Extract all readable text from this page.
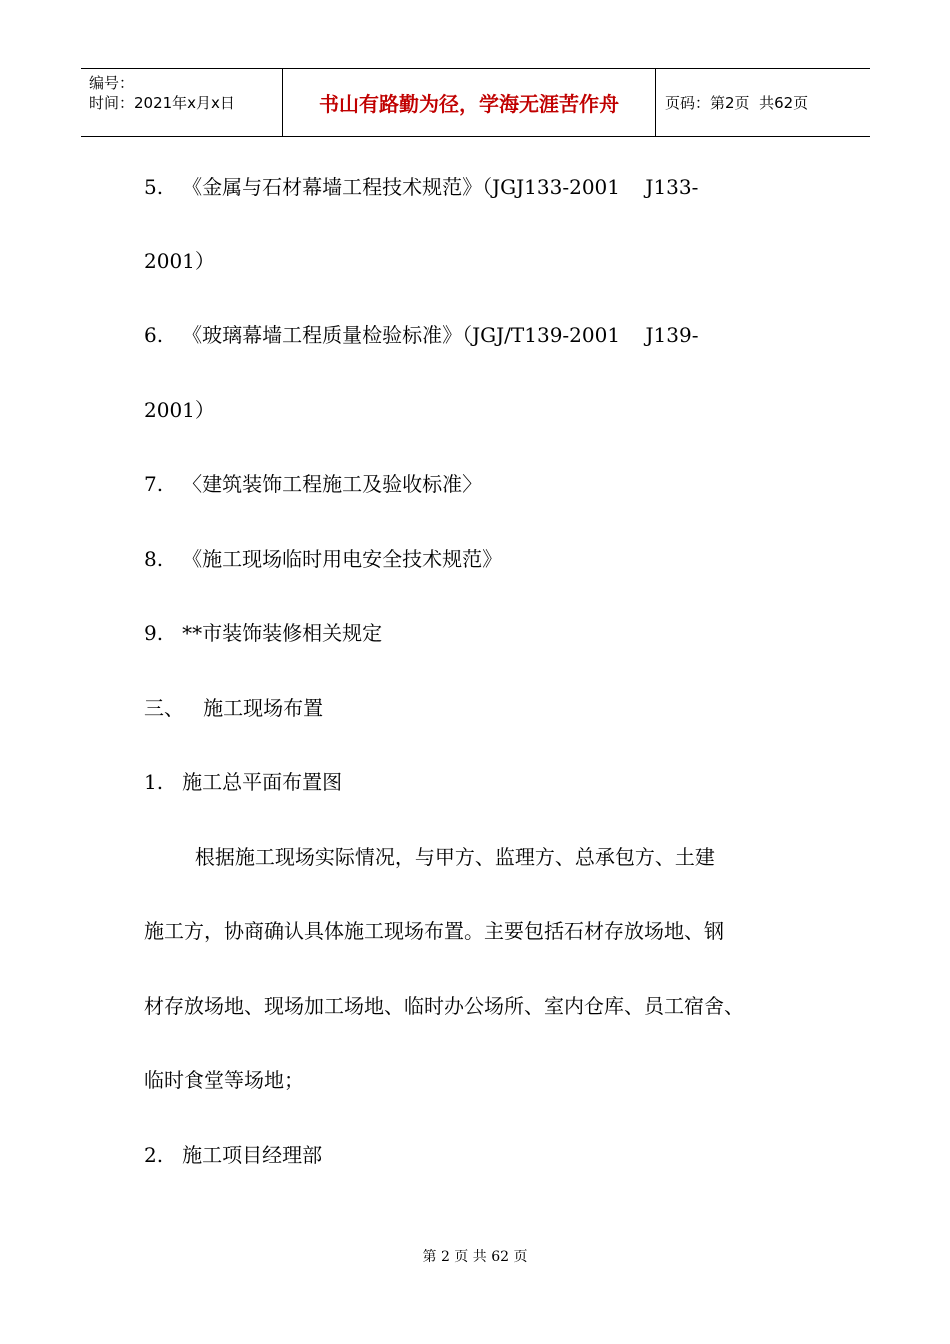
编号：
时间：2021年x月x日	书山有路勤为径，学海无涯苦作舟	页码：第2页  共62页
5.   《金属与石材幕墙工程技术规范》（JGJ133-2001    J133-
2001）
6.   《玻璃幕墙工程质量检验标准》（JGJ/T139-2001    J139-
2001）
7.   〈建筑装饰工程施工及验收标准〉
8.   《施工现场临时用电安全技术规范》
9.   **市装饰装修相关规定
三、   施工现场布置
1.   施工总平面布置图
根据施工现场实际情况，与甲方、监理方、总承包方、土建
施工方，协商确认具体施工现场布置。主要包括石材存放场地、钢
材存放场地、现场加工场地、临时办公场所、室内仓库、员工宿舍、
临时食堂等场地；
2.   施工项目经理部
第 2 页 共 62 页
